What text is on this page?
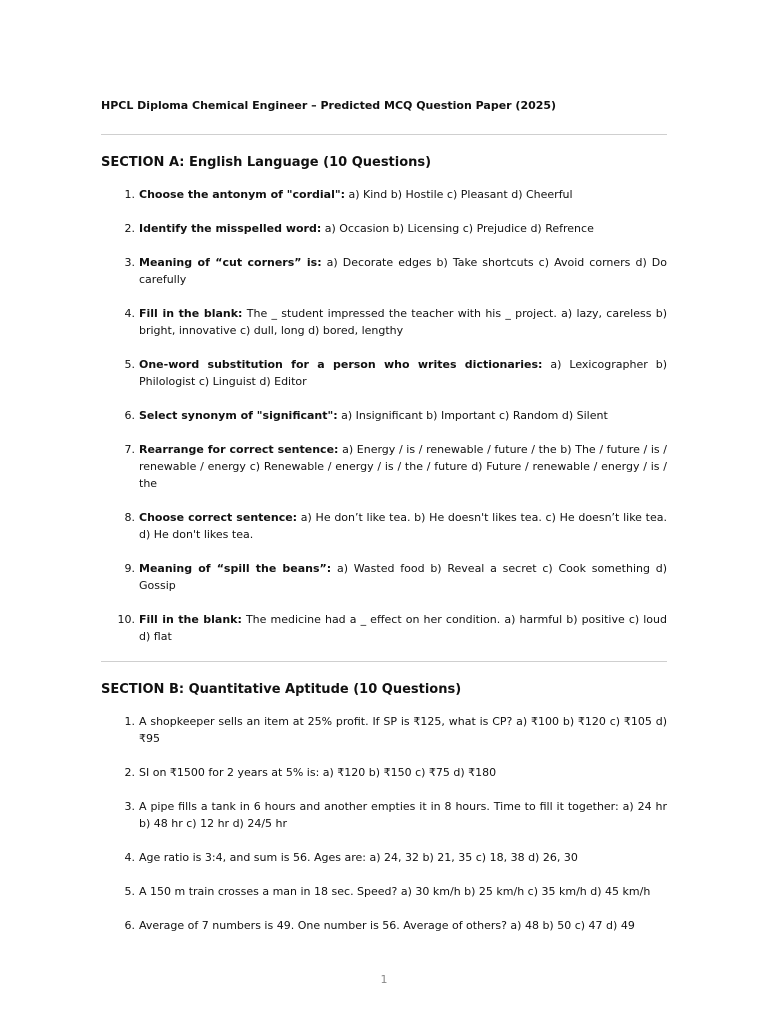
HPCL Diploma Chemical Engineer – Predicted MCQ Question Paper (2025)

SECTION A: English Language (10 Questions)
1. Choose the antonym of "cordial": a) Kind b) Hostile c) Pleasant d) Cheerful
2. Identify the misspelled word: a) Occasion b) Licensing c) Prejudice d) Refrence
3. Meaning of “cut corners” is: a) Decorate edges b) Take shortcuts c) Avoid corners d) Do carefully
4. Fill in the blank: The _ student impressed the teacher with his _ project. a) lazy, careless b) bright, innovative c) dull, long d) bored, lengthy
5. One-word substitution for a person who writes dictionaries: a) Lexicographer b) Philologist c) Linguist d) Editor
6. Select synonym of "significant": a) Insignificant b) Important c) Random d) Silent
7. Rearrange for correct sentence: a) Energy / is / renewable / future / the b) The / future / is / renewable / energy c) Renewable / energy / is / the / future d) Future / renewable / energy / is / the
8. Choose correct sentence: a) He don’t like tea. b) He doesn't likes tea. c) He doesn’t like tea. d) He don't likes tea.
9. Meaning of “spill the beans”: a) Wasted food b) Reveal a secret c) Cook something d) Gossip
10. Fill in the blank: The medicine had a _ effect on her condition. a) harmful b) positive c) loud d) flat
SECTION B: Quantitative Aptitude (10 Questions)
1. A shopkeeper sells an item at 25% profit. If SP is ₹125, what is CP? a) ₹100 b) ₹120 c) ₹105 d) ₹95
2. SI on ₹1500 for 2 years at 5% is: a) ₹120 b) ₹150 c) ₹75 d) ₹180
3. A pipe fills a tank in 6 hours and another empties it in 8 hours. Time to fill it together: a) 24 hr b) 48 hr c) 12 hr d) 24/5 hr
4. Age ratio is 3:4, and sum is 56. Ages are: a) 24, 32 b) 21, 35 c) 18, 38 d) 26, 30
5. A 150 m train crosses a man in 18 sec. Speed? a) 30 km/h b) 25 km/h c) 35 km/h d) 45 km/h
6. Average of 7 numbers is 49. One number is 56. Average of others? a) 48 b) 50 c) 47 d) 49
1
